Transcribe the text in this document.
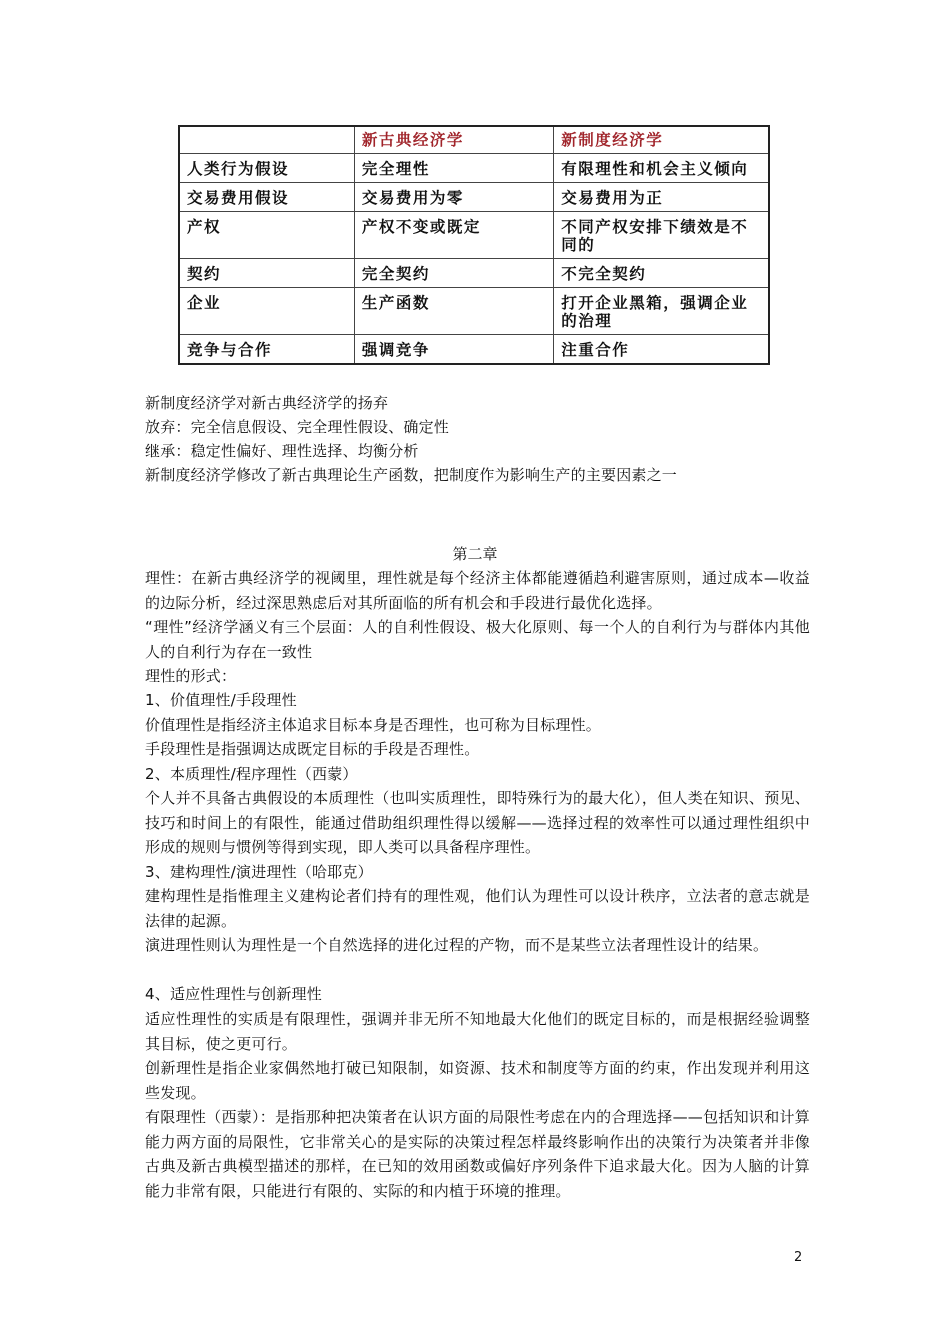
	新古典经济学	新制度经济学
人类行为假设	完全理性	有限理性和机会主义倾向
交易费用假设	交易费用为零	交易费用为正
产权	产权不变或既定	不同产权安排下绩效是不同的
契约	完全契约	不完全契约
企业	生产函数	打开企业黑箱，强调企业的治理
竞争与合作	强调竞争	注重合作
新制度经济学对新古典经济学的扬弃
放弃：完全信息假设、完全理性假设、确定性
继承：稳定性偏好、理性选择、均衡分析
新制度经济学修改了新古典理论生产函数，把制度作为影响生产的主要因素之一
第二章
理性：在新古典经济学的视阈里，理性就是每个经济主体都能遵循趋利避害原则，通过成本—收益的边际分析，经过深思熟虑后对其所面临的所有机会和手段进行最优化选择。
“理性”经济学涵义有三个层面：人的自利性假设、极大化原则、每一个人的自利行为与群体内其他人的自利行为存在一致性
理性的形式：
1、价值理性/手段理性
价值理性是指经济主体追求目标本身是否理性，也可称为目标理性。
手段理性是指强调达成既定目标的手段是否理性。
2、本质理性/程序理性（西蒙）
个人并不具备古典假设的本质理性（也叫实质理性，即特殊行为的最大化），但人类在知识、预见、技巧和时间上的有限性，能通过借助组织理性得以缓解——选择过程的效率性可以通过理性组织中形成的规则与惯例等得到实现，即人类可以具备程序理性。
3、建构理性/演进理性（哈耶克）
建构理性是指惟理主义建构论者们持有的理性观，他们认为理性可以设计秩序，立法者的意志就是法律的起源。
演进理性则认为理性是一个自然选择的进化过程的产物，而不是某些立法者理性设计的结果。
4、适应性理性与创新理性
适应性理性的实质是有限理性，强调并非无所不知地最大化他们的既定目标的，而是根据经验调整其目标，使之更可行。
创新理性是指企业家偶然地打破已知限制，如资源、技术和制度等方面的约束，作出发现并利用这些发现。
有限理性（西蒙）：是指那种把决策者在认识方面的局限性考虑在内的合理选择——包括知识和计算能力两方面的局限性，它非常关心的是实际的决策过程怎样最终影响作出的决策行为决策者并非像古典及新古典模型描述的那样，在已知的效用函数或偏好序列条件下追求最大化。因为人脑的计算能力非常有限，只能进行有限的、实际的和内植于环境的推理。
2
